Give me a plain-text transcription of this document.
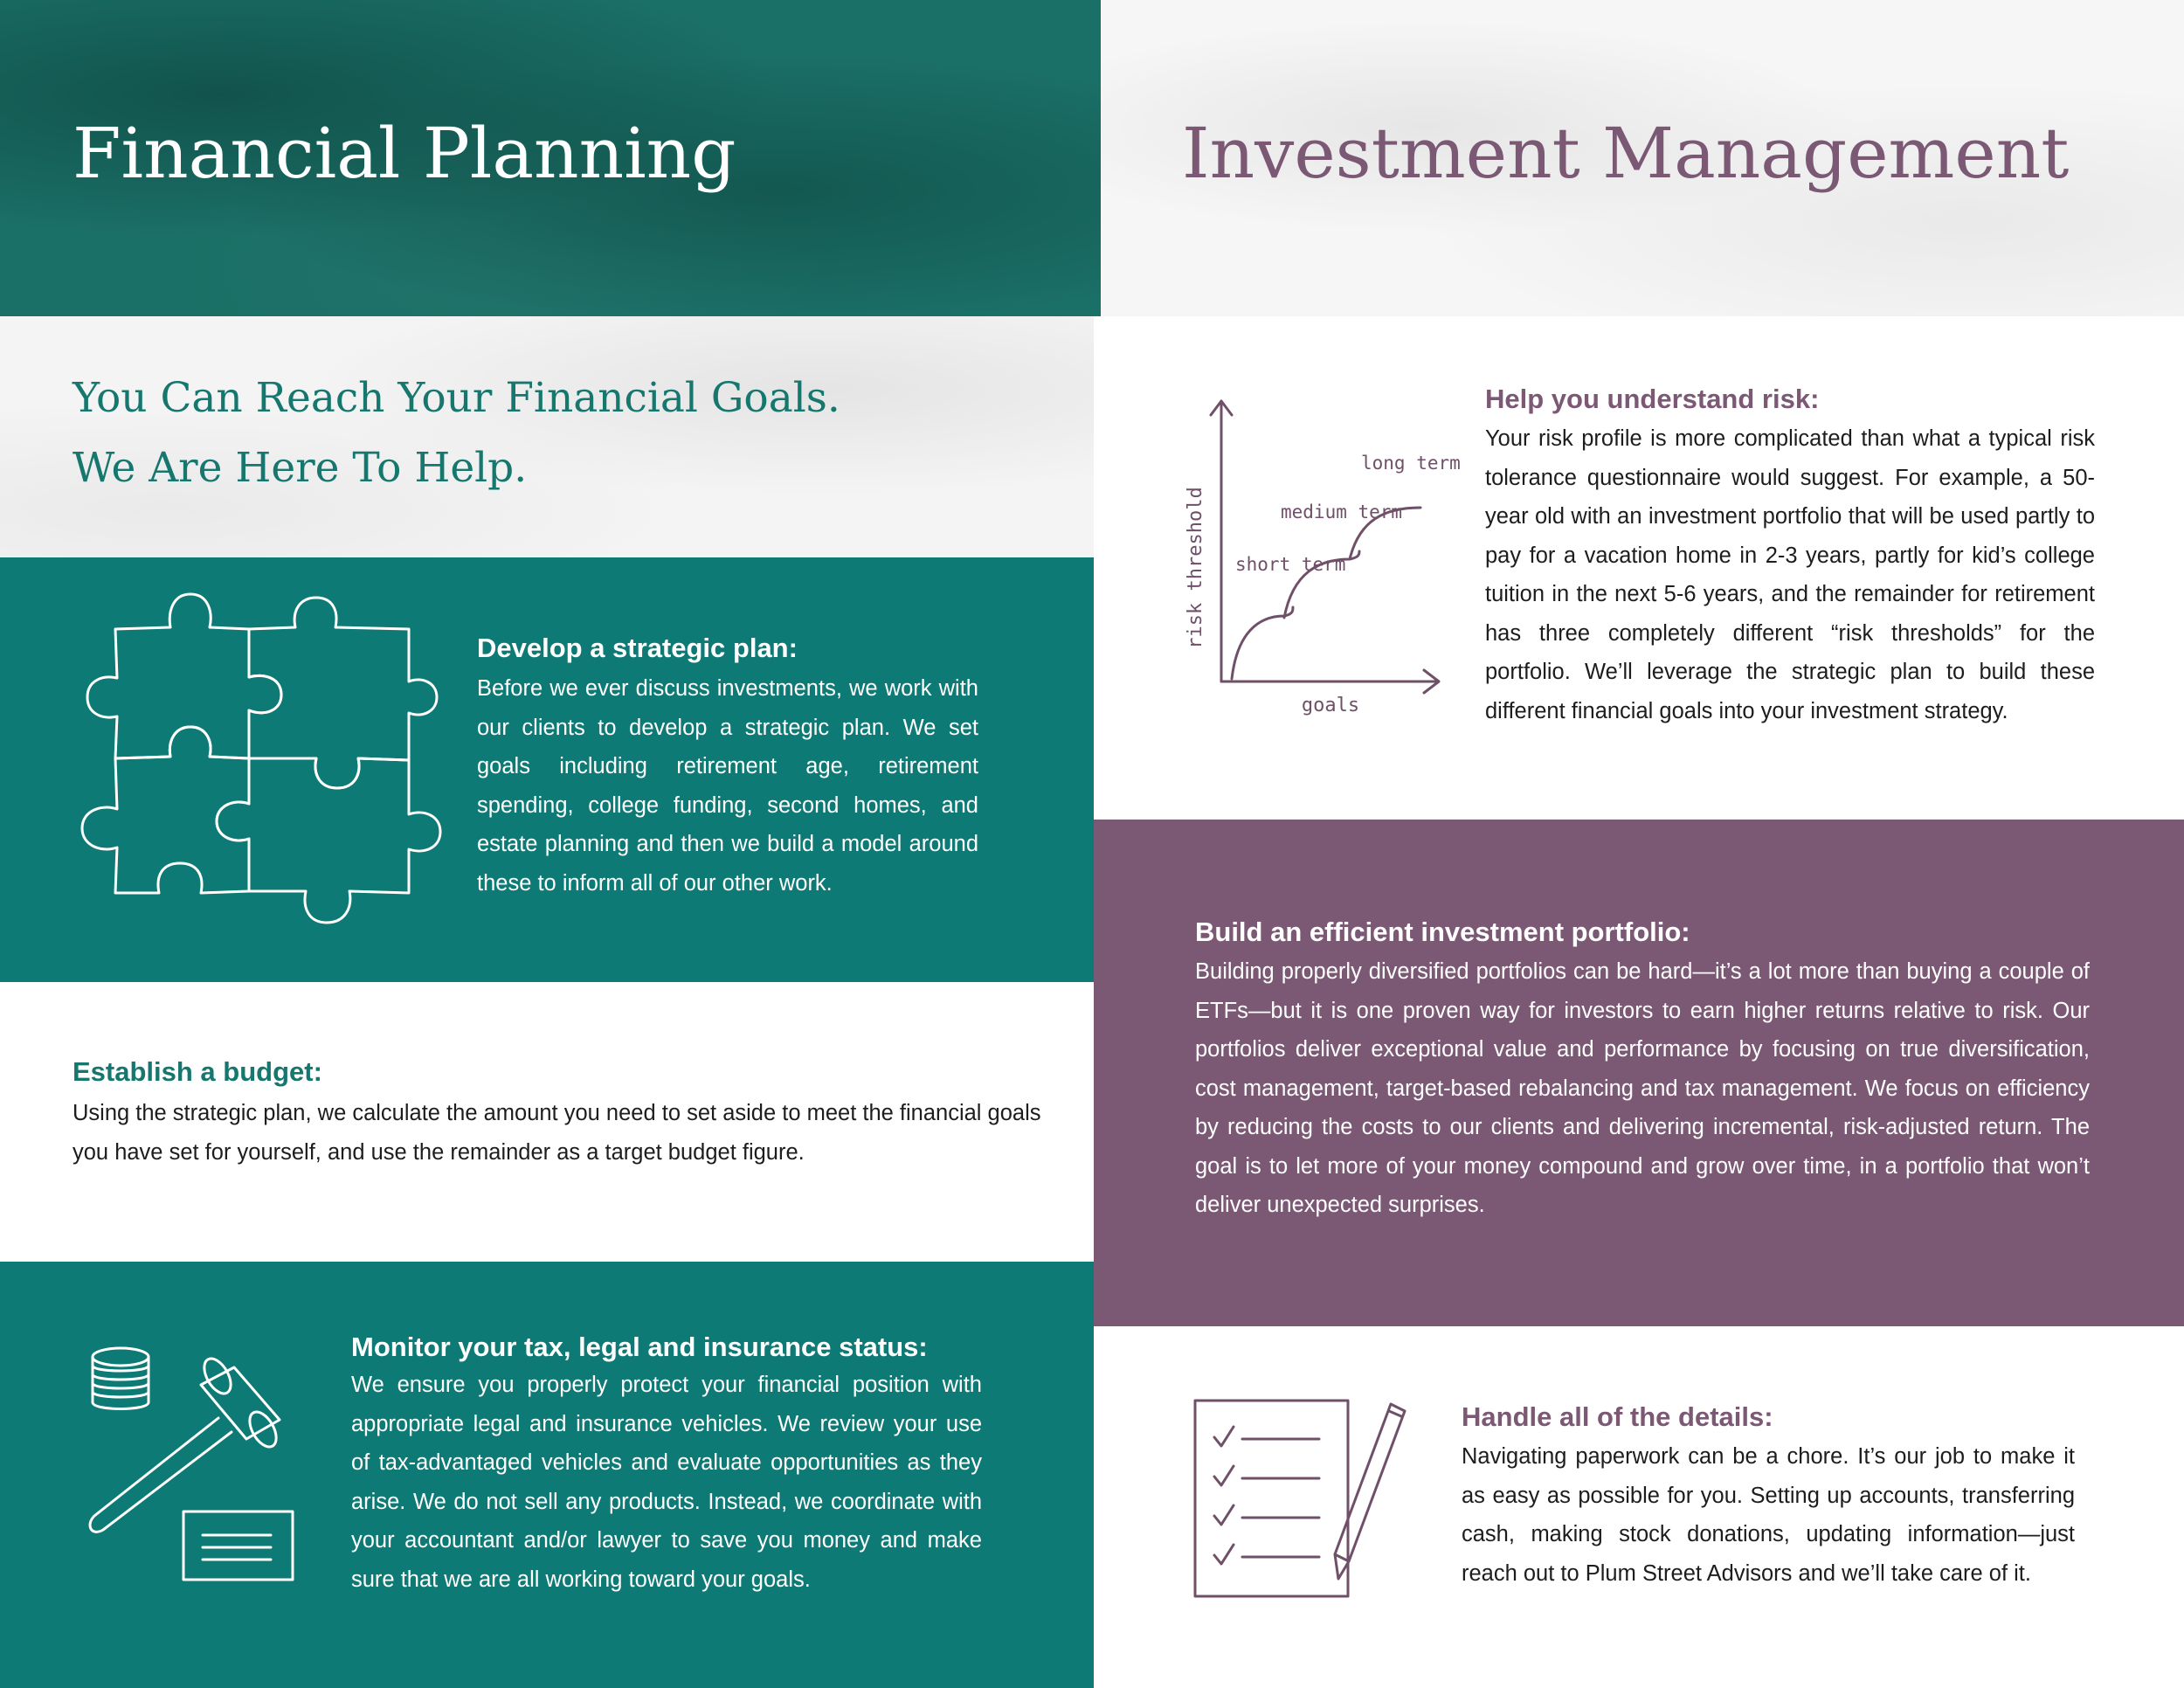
Financial Planning	Investment Management

You Can Reach Your Financial Goals.

We Are Here To Help.

Develop a strategic plan:

Before we ever discuss investments, we work with our clients to develop a strategic plan. We set goals including retirement age, retirement spending, college funding, second homes, and estate planning and then we build a model around these to inform all of our other work.

Establish a budget:

Using the strategic plan, we calculate the amount you need to set aside to meet the financial goals you have set for yourself, and use the remainder as a target budget figure.

Monitor your tax, legal and insurance status:

We ensure you properly protect your financial position with appropriate legal and insurance vehicles. We review your use of tax-advantaged vehicles and evaluate opportunities as they arise. We do not sell any products. Instead, we coordinate with your accountant and/or lawyer to save you money and make sure that we are all working toward your goals.

risk threshold
goals
short term
medium term
long term

Help you understand risk:

Your risk profile is more complicated than what a typical risk tolerance questionnaire would suggest. For example, a 50-year old with an investment portfolio that will be used partly to pay for a vacation home in 2-3 years, partly for kid’s college tuition in the next 5-6 years, and the remainder for retirement has three completely different “risk thresholds” for the portfolio. We’ll leverage the strategic plan to build these different financial goals into your investment strategy.

Build an efficient investment portfolio:

Building properly diversified portfolios can be hard—it’s a lot more than buying a couple of ETFs—but it is one proven way for investors to earn higher returns relative to risk. Our portfolios deliver exceptional value and performance by focusing on true diversification, cost management, target-based rebalancing and tax management. We focus on efficiency by reducing the costs to our clients and delivering incremental, risk-adjusted return. The goal is to let more of your money compound and grow over time, in a portfolio that won’t deliver unexpected surprises.

Handle all of the details:

Navigating paperwork can be a chore. It’s our job to make it as easy as possible for you. Setting up accounts, transferring cash, making stock donations, updating information—just reach out to Plum Street Advisors and we’ll take care of it.
